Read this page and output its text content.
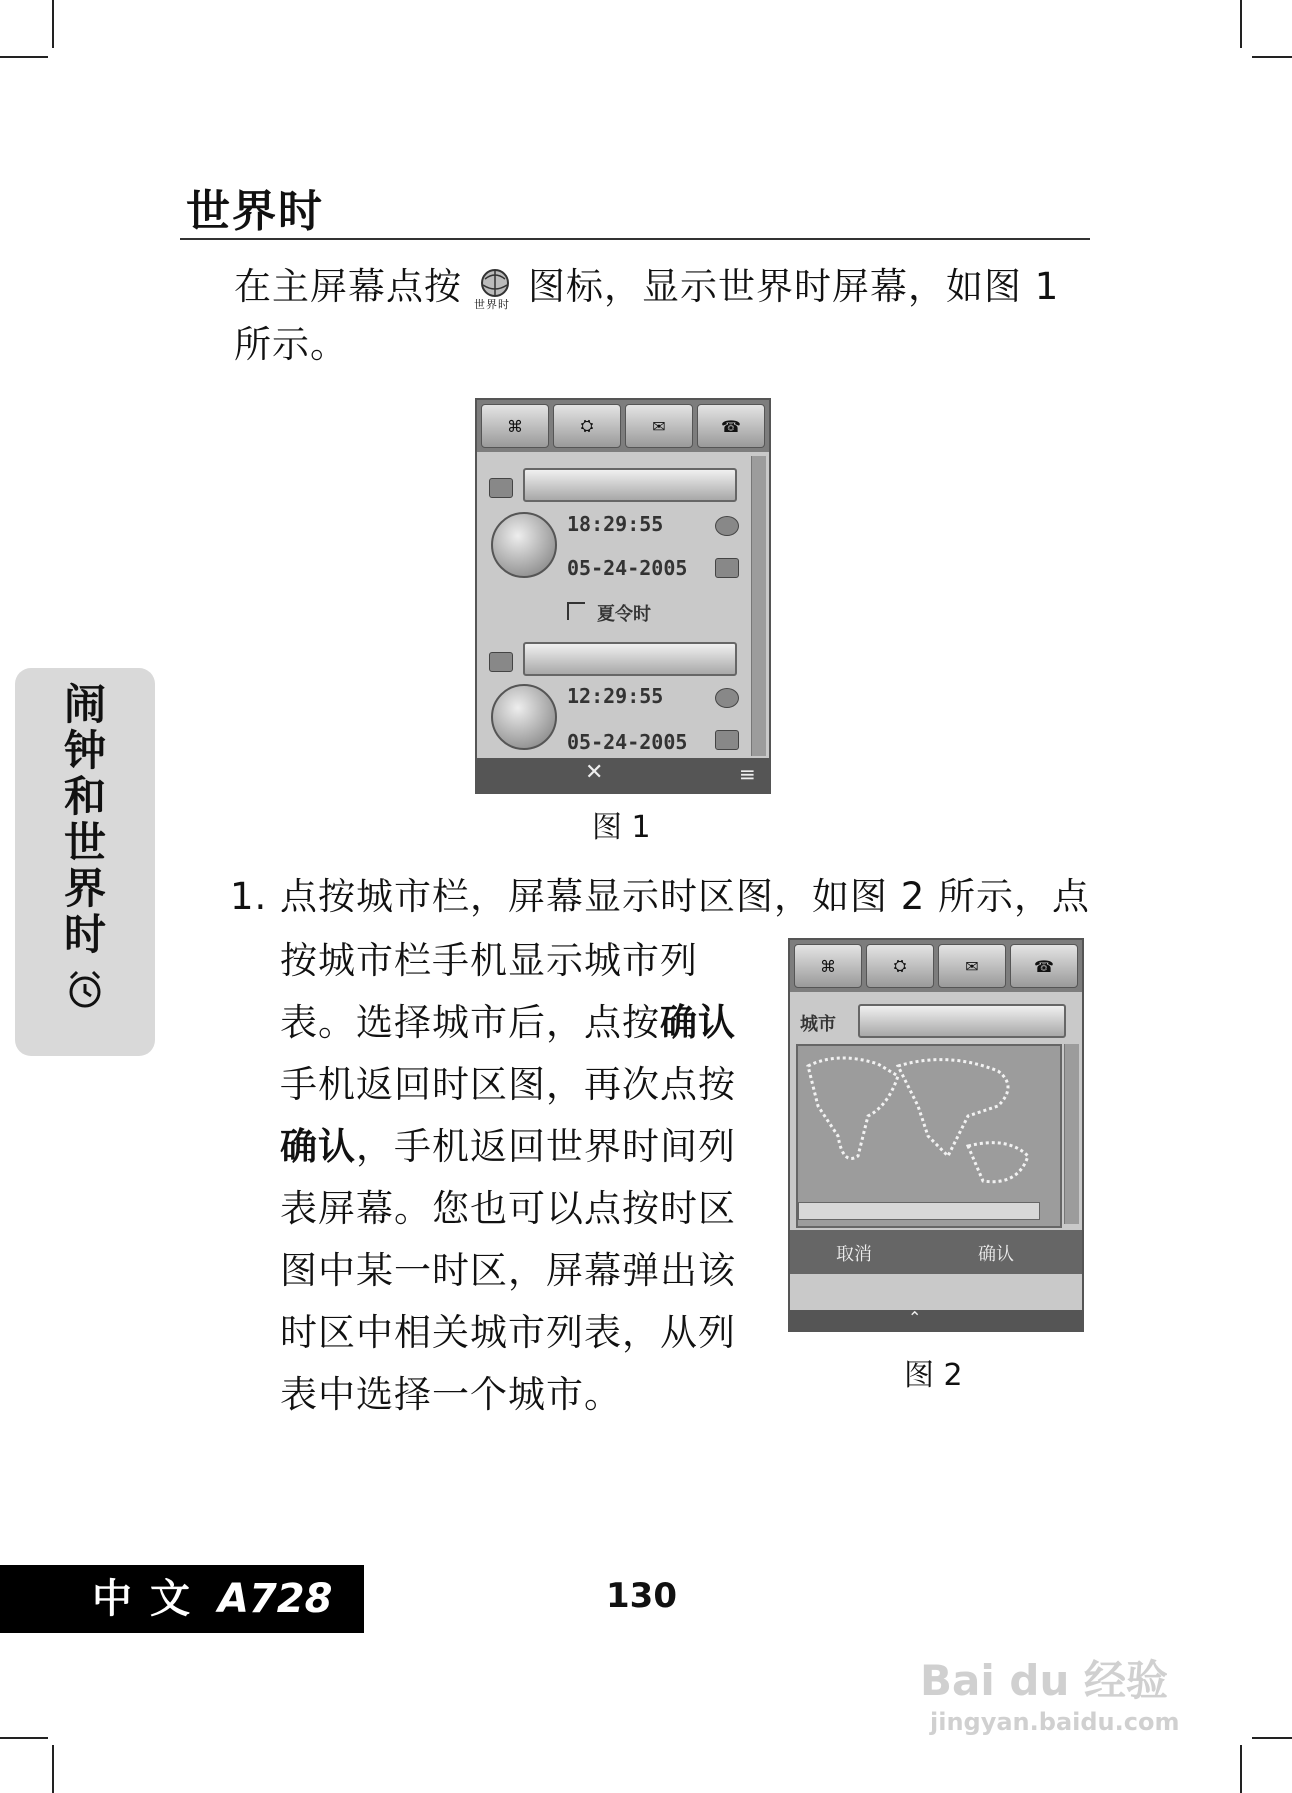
世界时
在主屏幕点按 世界时 图标，显示世界时屏幕，如图 1
所示。
⌘	⛭	✉	☎
18:29:55
05-24-2005
夏令时
12:29:55
05-24-2005
✕	≡
图 1
1. 点按城市栏，屏幕显示时区图，如图 2 所示，点
按城市栏手机显示城市列
表。选择城市后，点按确认
手机返回时区图，再次点按
确认，手机返回世界时间列
表屏幕。您也可以点按时区
图中某一时区，屏幕弹出该
时区中相关城市列表，从列
表中选择一个城市。
⌘	⛭	✉	☎
城市
取消	确认
⌃
图 2
闹钟和世界时
中文 A728	130
Bai du 经验
jingyan.baidu.com
